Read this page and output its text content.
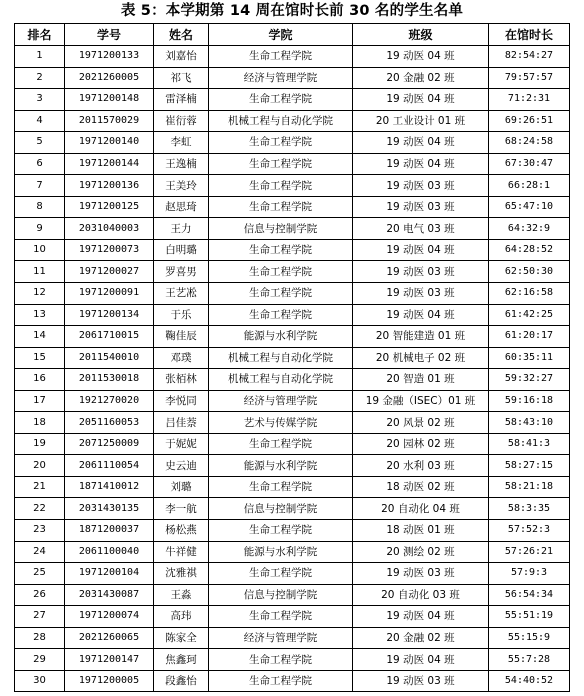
表 5：本学期第 14 周在馆时长前 30 名的学生名单
排名	学号	姓名	学院	班级	在馆时长
1	1971200133	刘嘉怡	生命工程学院	19 动医 04 班	82:54:27
2	2021260005	祁飞	经济与管理学院	20 金融 02 班	79:57:57
3	1971200148	雷泽楠	生命工程学院	19 动医 04 班	71:2:31
4	2011570029	崔衍蓉	机械工程与自动化学院	20 工业设计 01 班	69:26:51
5	1971200140	李虹	生命工程学院	19 动医 04 班	68:24:58
6	1971200144	王逸楠	生命工程学院	19 动医 04 班	67:30:47
7	1971200136	王美玲	生命工程学院	19 动医 03 班	66:28:1
8	1971200125	赵思琦	生命工程学院	19 动医 03 班	65:47:10
9	2031040003	王力	信息与控制学院	20 电气 03 班	64:32:9
10	1971200073	白明璐	生命工程学院	19 动医 04 班	64:28:52
11	1971200027	罗喜男	生命工程学院	19 动医 03 班	62:50:30
12	1971200091	王艺凇	生命工程学院	19 动医 03 班	62:16:58
13	1971200134	于乐	生命工程学院	19 动医 04 班	61:42:25
14	2061710015	鞠佳辰	能源与水利学院	20 智能建造 01 班	61:20:17
15	2011540010	邓璞	机械工程与自动化学院	20 机械电子 02 班	60:35:11
16	2011530018	张栢林	机械工程与自动化学院	20 智造 01 班	59:32:27
17	1921270020	李悦同	经济与管理学院	19 金融（ISEC）01 班	59:16:18
18	2051160053	吕佳萘	艺术与传媒学院	20 风景 02 班	58:43:10
19	2071250009	于妮妮	生命工程学院	20 园林 02 班	58:41:3
20	2061110054	史云迪	能源与水利学院	20 水利 03 班	58:27:15
21	1871410012	刘璐	生命工程学院	18 动医 02 班	58:21:18
22	2031430135	李一航	信息与控制学院	20 自动化 04 班	58:3:35
23	1871200037	杨松燕	生命工程学院	18 动医 01 班	57:52:3
24	2061100040	牛祥健	能源与水利学院	20 测绘 02 班	57:26:21
25	1971200104	沈雅祺	生命工程学院	19 动医 03 班	57:9:3
26	2031430087	王淼	信息与控制学院	20 自动化 03 班	56:54:34
27	1971200074	高玮	生命工程学院	19 动医 04 班	55:51:19
28	2021260065	陈家全	经济与管理学院	20 金融 02 班	55:15:9
29	1971200147	焦鑫珂	生命工程学院	19 动医 04 班	55:7:28
30	1971200005	段鑫怡	生命工程学院	19 动医 03 班	54:40:52
